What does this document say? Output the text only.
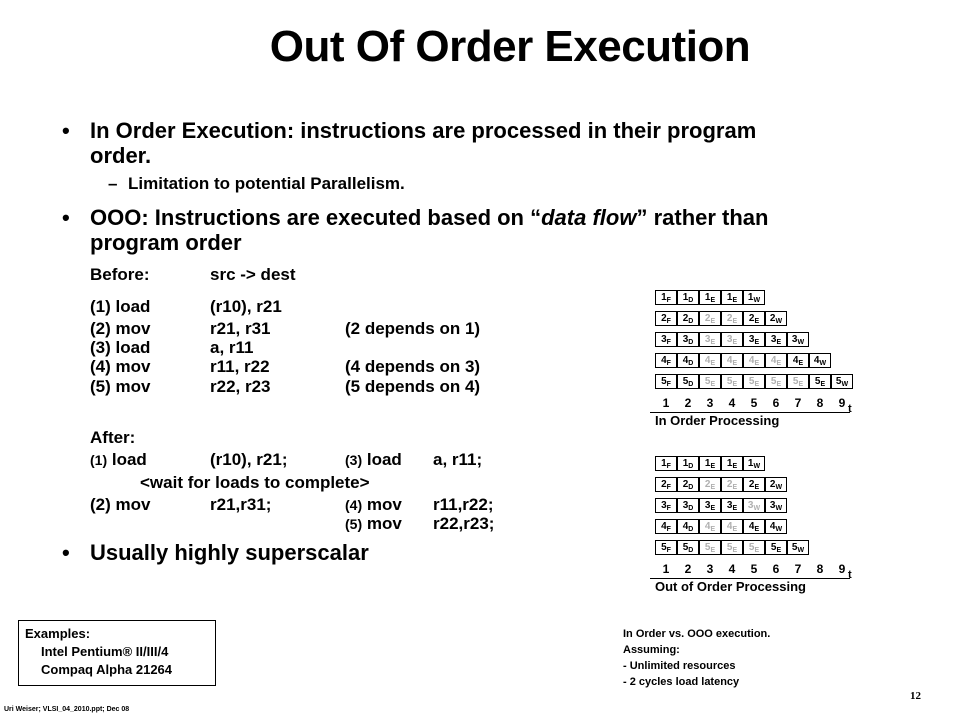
Out Of Order Execution
• In Order Execution: instructions are processed in their program
order.
– Limitation to potential Parallelism.
• OOO: Instructions are executed based on “data flow” rather than
program order
Before:	src -> dest
(1) load	(r10), r21
(2) mov	r21, r31	(2 depends on 1)
(3) load	a, r11
(4) mov	r11, r22	(4 depends on 3)
(5) mov	r22, r23	(5 depends on 4)
After:
(1) load	(r10), r21;	(3) load a, r11;
<wait for loads to complete>
(2) mov	r21,r31;	(4) mov r11,r22;
(5) mov r22,r23;
• Usually highly superscalar
$1_F$	$1_D$	$1_E$	$1_E$	$1_W$
$2_F$	$2_D$	$2_E$	$2_E$	$2_E$	$2_W$
$3_F$	$3_D$	$3_E$	$3_E$	$3_E$	$3_E$	$3_W$
$4_F$	$4_D$	$4_E$	$4_E$	$4_E$	$4_E$	$4_E$	$4_W$
$5_F$	$5_D$	$5_E$	$5_E$	$5_E$	$5_E$	$5_E$	$5_E$	$5_W$
1	2	3	4	5	6	7	8	9 t
In Order Processing
$1_F$	$1_D$	$1_E$	$1_E$	$1_W$
$2_F$	$2_D$	$2_E$	$2_E$	$2_E$	$2_W$
$3_F$	$3_D$	$3_E$	$3_E$	$3_W$ $3_W$
$4_F$	$4_D$	$4_E$	$4_E$	$4_E$	$4_W$
$5_F$	$5_D$	$5_E$	$5_E$	$5_E$	$5_E$	$5_W$
1	2	3	4	5	6	7	8	9 t
Out of Order Processing
Examples:
Intel Pentium® II/III/4
Compaq Alpha 21264
In Order vs. OOO execution.
Assuming:
- Unlimited resources
- 2 cycles load latency
Uri Weiser; VLSI_04_2010.ppt; Dec 08
12
